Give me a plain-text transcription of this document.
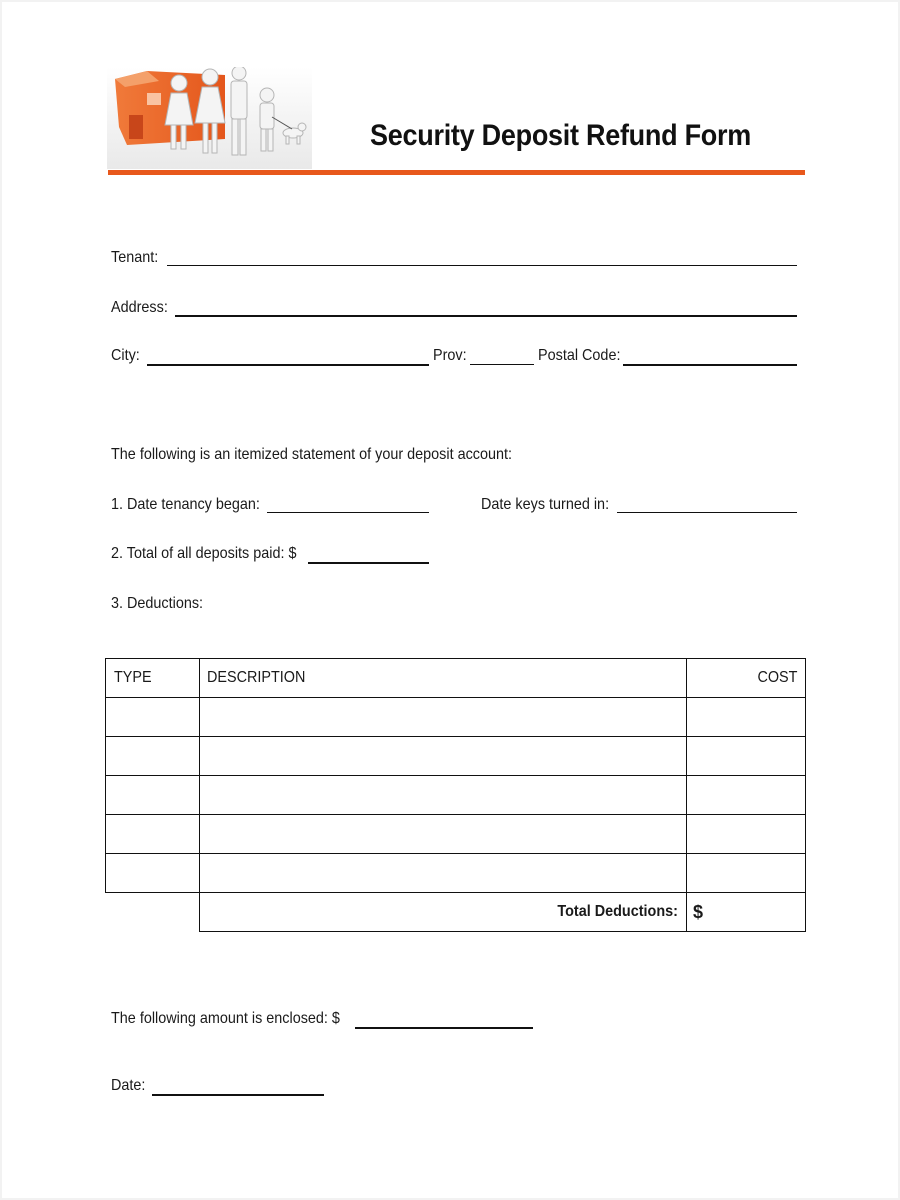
Security Deposit Refund Form
Tenant:
Address:
City:	Prov:	Postal Code:
The following is an itemized statement of your deposit account:
1. Date tenancy began:	Date keys turned in:
2. Total of all deposits paid: $
3. Deductions:
TYPE	DESCRIPTION	COST

	Total Deductions:	$
The following amount is enclosed: $
Date:
